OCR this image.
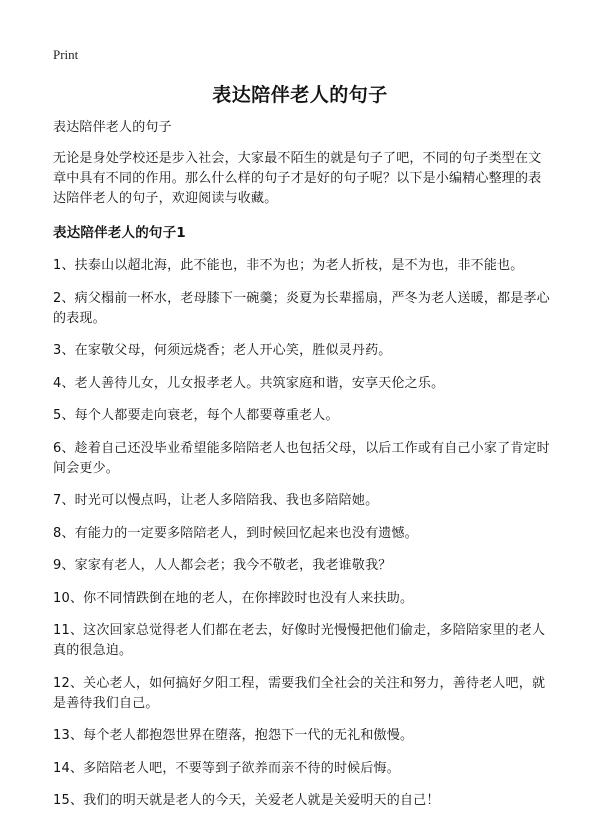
Print
表达陪伴老人的句子

表达陪伴老人的句子

无论是身处学校还是步入社会，大家最不陌生的就是句子了吧，不同的句子类型在文章中具有不同的作用。那么什么样的句子才是好的句子呢？以下是小编精心整理的表达陪伴老人的句子，欢迎阅读与收藏。

表达陪伴老人的句子1

1、扶泰山以超北海，此不能也，非不为也；为老人折枝，是不为也，非不能也。

2、病父榻前一杯水，老母膝下一碗羹；炎夏为长辈摇扇，严冬为老人送暖，都是孝心的表现。

3、在家敬父母，何须远烧香；老人开心笑，胜似灵丹药。

4、老人善待儿女，儿女报孝老人。共筑家庭和谐，安享天伦之乐。

5、每个人都要走向衰老，每个人都要尊重老人。

6、趁着自己还没毕业希望能多陪陪老人也包括父母，以后工作或有自己小家了肯定时间会更少。

7、时光可以慢点吗，让老人多陪陪我、我也多陪陪她。

8、有能力的一定要多陪陪老人，到时候回忆起来也没有遗憾。

9、家家有老人，人人都会老；我今不敬老，我老谁敬我？

10、你不同情跌倒在地的老人，在你摔跤时也没有人来扶助。

11、这次回家总觉得老人们都在老去，好像时光慢慢把他们偷走，多陪陪家里的老人真的很急迫。

12、关心老人，如何搞好夕阳工程，需要我们全社会的关注和努力，善待老人吧，就是善待我们自己。

13、每个老人都抱怨世界在堕落，抱怨下一代的无礼和傲慢。

14、多陪陪老人吧，不要等到子欲养而亲不待的时候后悔。

15、我们的明天就是老人的今天，关爱老人就是关爱明天的自己！
